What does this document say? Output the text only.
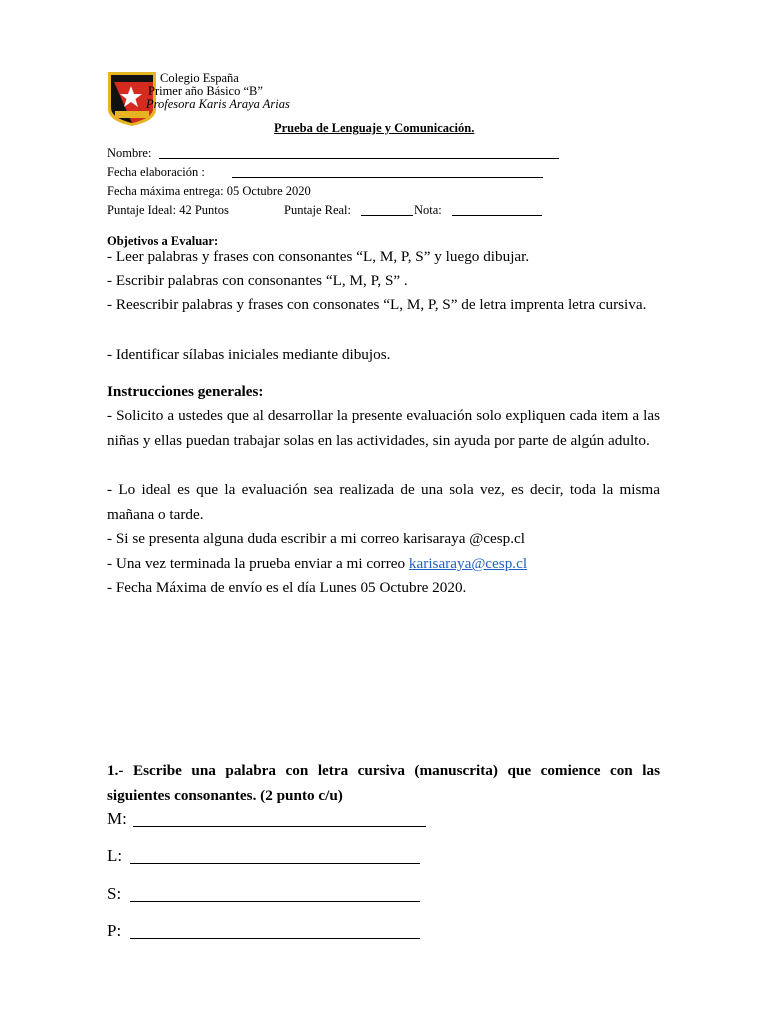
Colegio España
Primer año Básico “B”
Profesora Karis Araya Arias
Prueba de Lenguaje y Comunicación.
Nombre:
Fecha elaboración :
Fecha máxima entrega: 05 Octubre 2020
Puntaje Ideal: 42 Puntos	Puntaje Real:	Nota:
Objetivos a Evaluar:
- Leer palabras y frases con consonantes “L, M, P, S” y luego dibujar.
- Escribir palabras con consonantes “L, M, P, S” .
- Reescribir palabras y frases con consonates “L, M, P, S” de letra imprenta letra cursiva.
- Identificar sílabas iniciales mediante dibujos.
Instrucciones generales:
- Solicito a ustedes que al desarrollar la presente evaluación solo expliquen cada item a las niñas y ellas puedan trabajar solas en las actividades, sin ayuda por parte de algún adulto.
- Lo ideal es que la evaluación sea realizada de una sola vez, es decir, toda la misma mañana o tarde.
- Si se presenta alguna duda escribir a mi correo karisaraya @cesp.cl
- Una vez terminada la prueba enviar a mi correo karisaraya@cesp.cl
- Fecha Máxima de envío es el día Lunes 05 Octubre 2020.
1.- Escribe una palabra con letra cursiva (manuscrita) que comience con las siguientes consonantes. (2 punto c/u)
M:
L:
S:
P:
